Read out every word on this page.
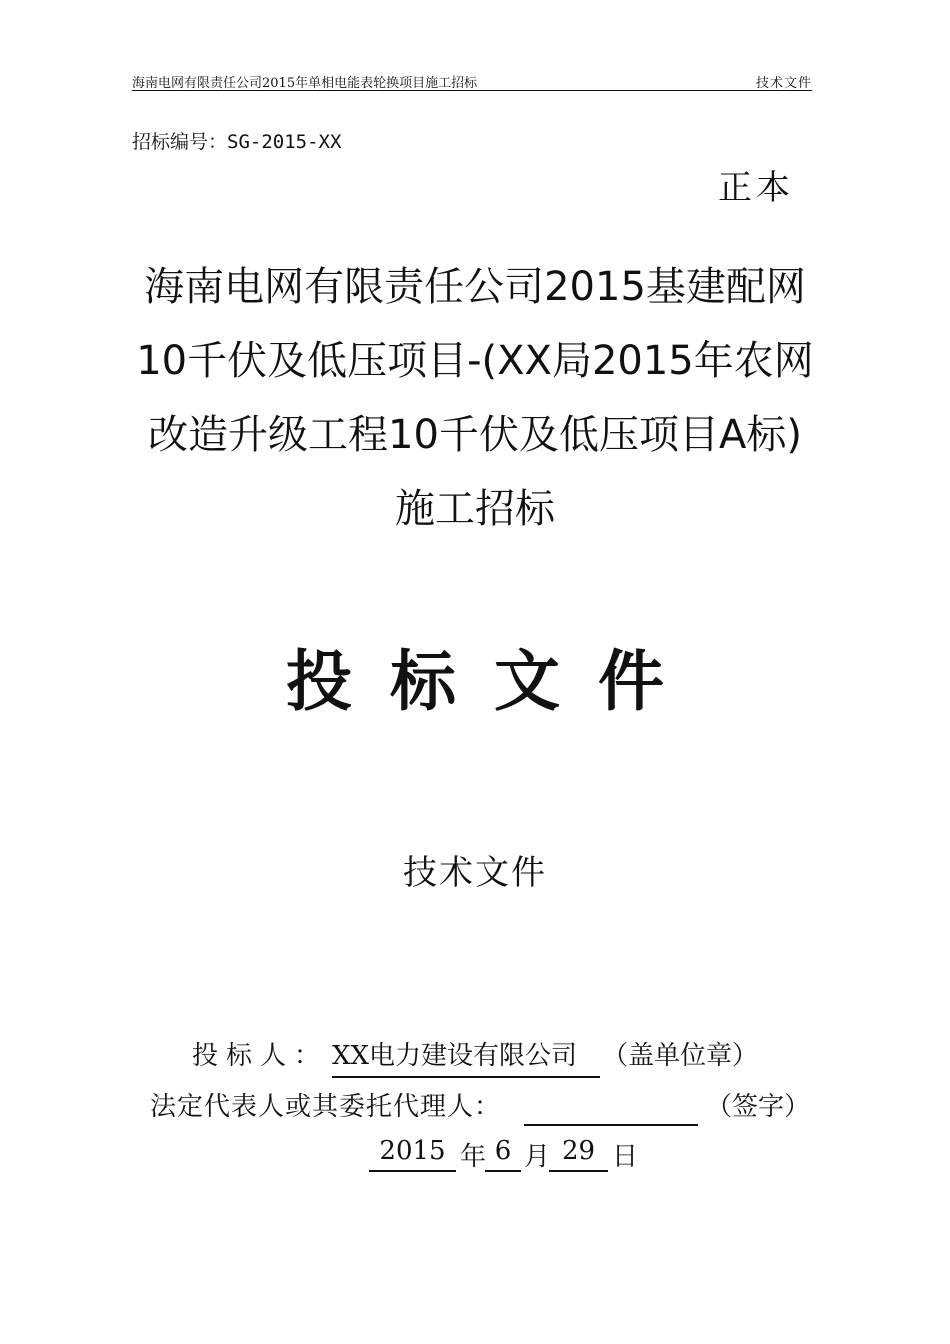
海南电网有限责任公司2015年单相电能表轮换项目施工招标	技术文件
招标编号：SG-2015-XX
正本
海南电网有限责任公司2015基建配网
10千伏及低压项目-(XX局2015年农网
改造升级工程10千伏及低压项目A标)
施工招标
投标文件
技术文件
投标人： XX电力建设有限公司 （盖单位章）
法定代表人或其委托代理人：	（签字）
2015 年 6 月 29 日
